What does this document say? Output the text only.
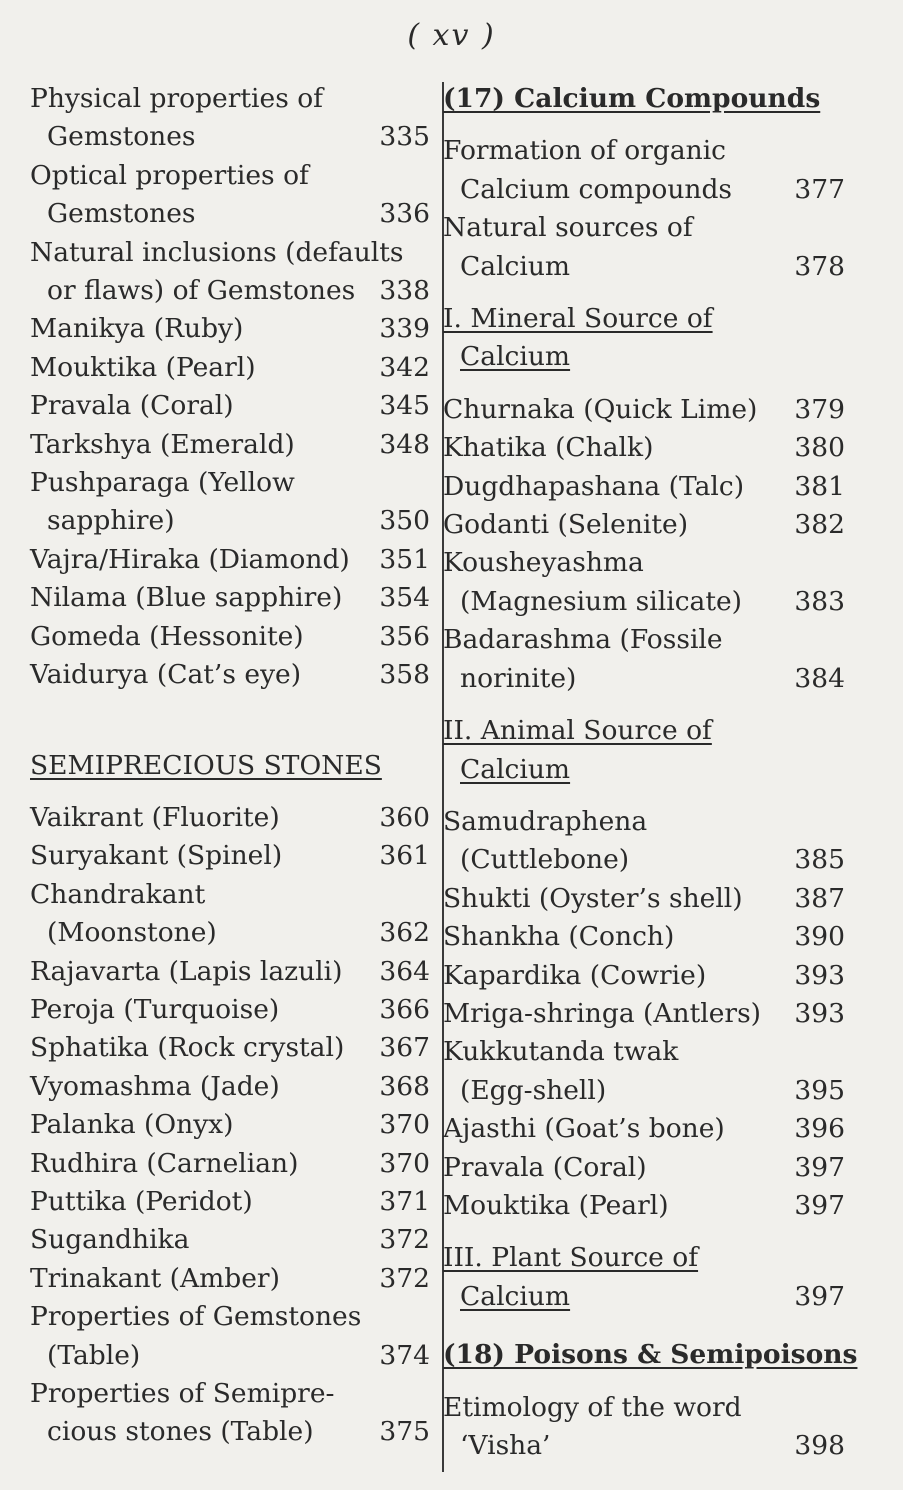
( xv )
Physical properties of
Gemstones	335
Optical properties of
Gemstones	336
Natural inclusions (defaults
or flaws) of Gemstones 338
Manikya (Ruby)	339
Mouktika (Pearl)	342
Pravala (Coral)	345
Tarkshya (Emerald)	348
Pushparaga (Yellow
sapphire)	350
Vajra/Hiraka (Diamond)	351
Nilama (Blue sapphire)	354
Gomeda (Hessonite)	356
Vaidurya (Cat’s eye)	358
SEMIPRECIOUS STONES
Vaikrant (Fluorite)	360
Suryakant (Spinel)	361
Chandrakant
(Moonstone)	362
Rajavarta (Lapis lazuli)	364
Peroja (Turquoise)	366
Sphatika (Rock crystal)	367
Vyomashma (Jade)	368
Palanka (Onyx)	370
Rudhira (Carnelian)	370
Puttika (Peridot)	371
Sugandhika	372
Trinakant (Amber)	372
Properties of Gemstones
(Table)	374
Properties of Semipre-
cious stones (Table)	375
(17) Calcium Compounds
Formation of organic
Calcium compounds	377
Natural sources of
Calcium	378
I. Mineral Source of
Calcium
Churnaka (Quick Lime)	379
Khatika (Chalk)	380
Dugdhapashana (Talc)	381
Godanti (Selenite)	382
Kousheyashma
(Magnesium silicate)	383
Badarashma (Fossile
norinite)	384
II. Animal Source of
Calcium
Samudraphena
(Cuttlebone)	385
Shukti (Oyster’s shell)	387
Shankha (Conch)	390
Kapardika (Cowrie)	393
Mriga-shringa (Antlers)	393
Kukkutanda twak
(Egg-shell)	395
Ajasthi (Goat’s bone)	396
Pravala (Coral)	397
Mouktika (Pearl)	397
III. Plant Source of
Calcium	397
(18) Poisons & Semipoisons
Etimology of the word
‘Visha’	398
